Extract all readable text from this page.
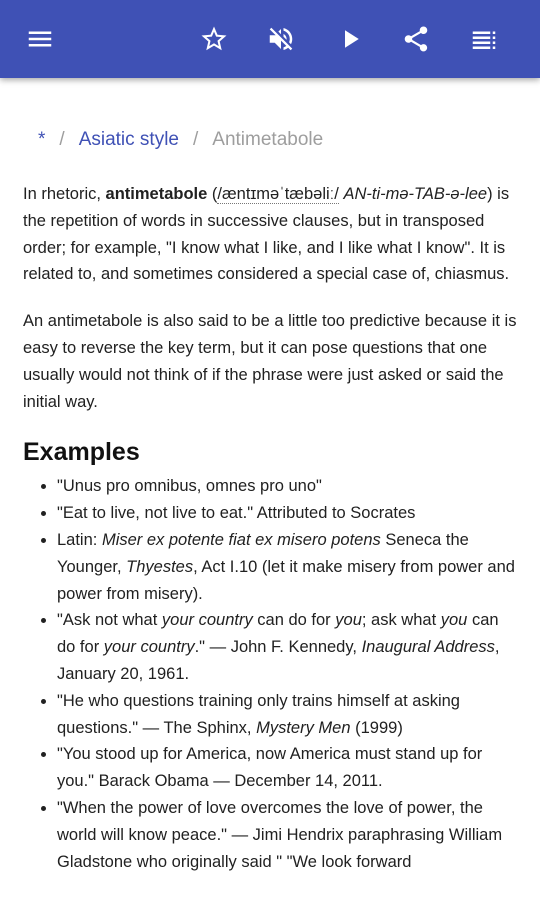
* / Asiatic style / Antimetabole

In rhetoric, antimetabole (/æntɪməˈtæbəliː/ AN-ti-mə-TAB-ə-lee) is the repetition of words in successive clauses, but in transposed order; for example, "I know what I like, and I like what I know". It is related to, and sometimes considered a special case of, chiasmus.

An antimetabole is also said to be a little too predictive because it is easy to reverse the key term, but it can pose questions that one usually would not think of if the phrase were just asked or said the initial way.

Examples
• "Unus pro omnibus, omnes pro uno"
• "Eat to live, not live to eat." Attributed to Socrates
• Latin: Miser ex potente fiat ex misero potens Seneca the Younger, Thyestes, Act I.10 (let it make misery from power and power from misery).
• "Ask not what your country can do for you; ask what you can do for your country." — John F. Kennedy, Inaugural Address, January 20, 1961.
• "He who questions training only trains himself at asking questions." — The Sphinx, Mystery Men (1999)
• "You stood up for America, now America must stand up for you." Barack Obama — December 14, 2011.
• "When the power of love overcomes the love of power, the world will know peace." — Jimi Hendrix paraphrasing William Gladstone who originally said " "We look forward
